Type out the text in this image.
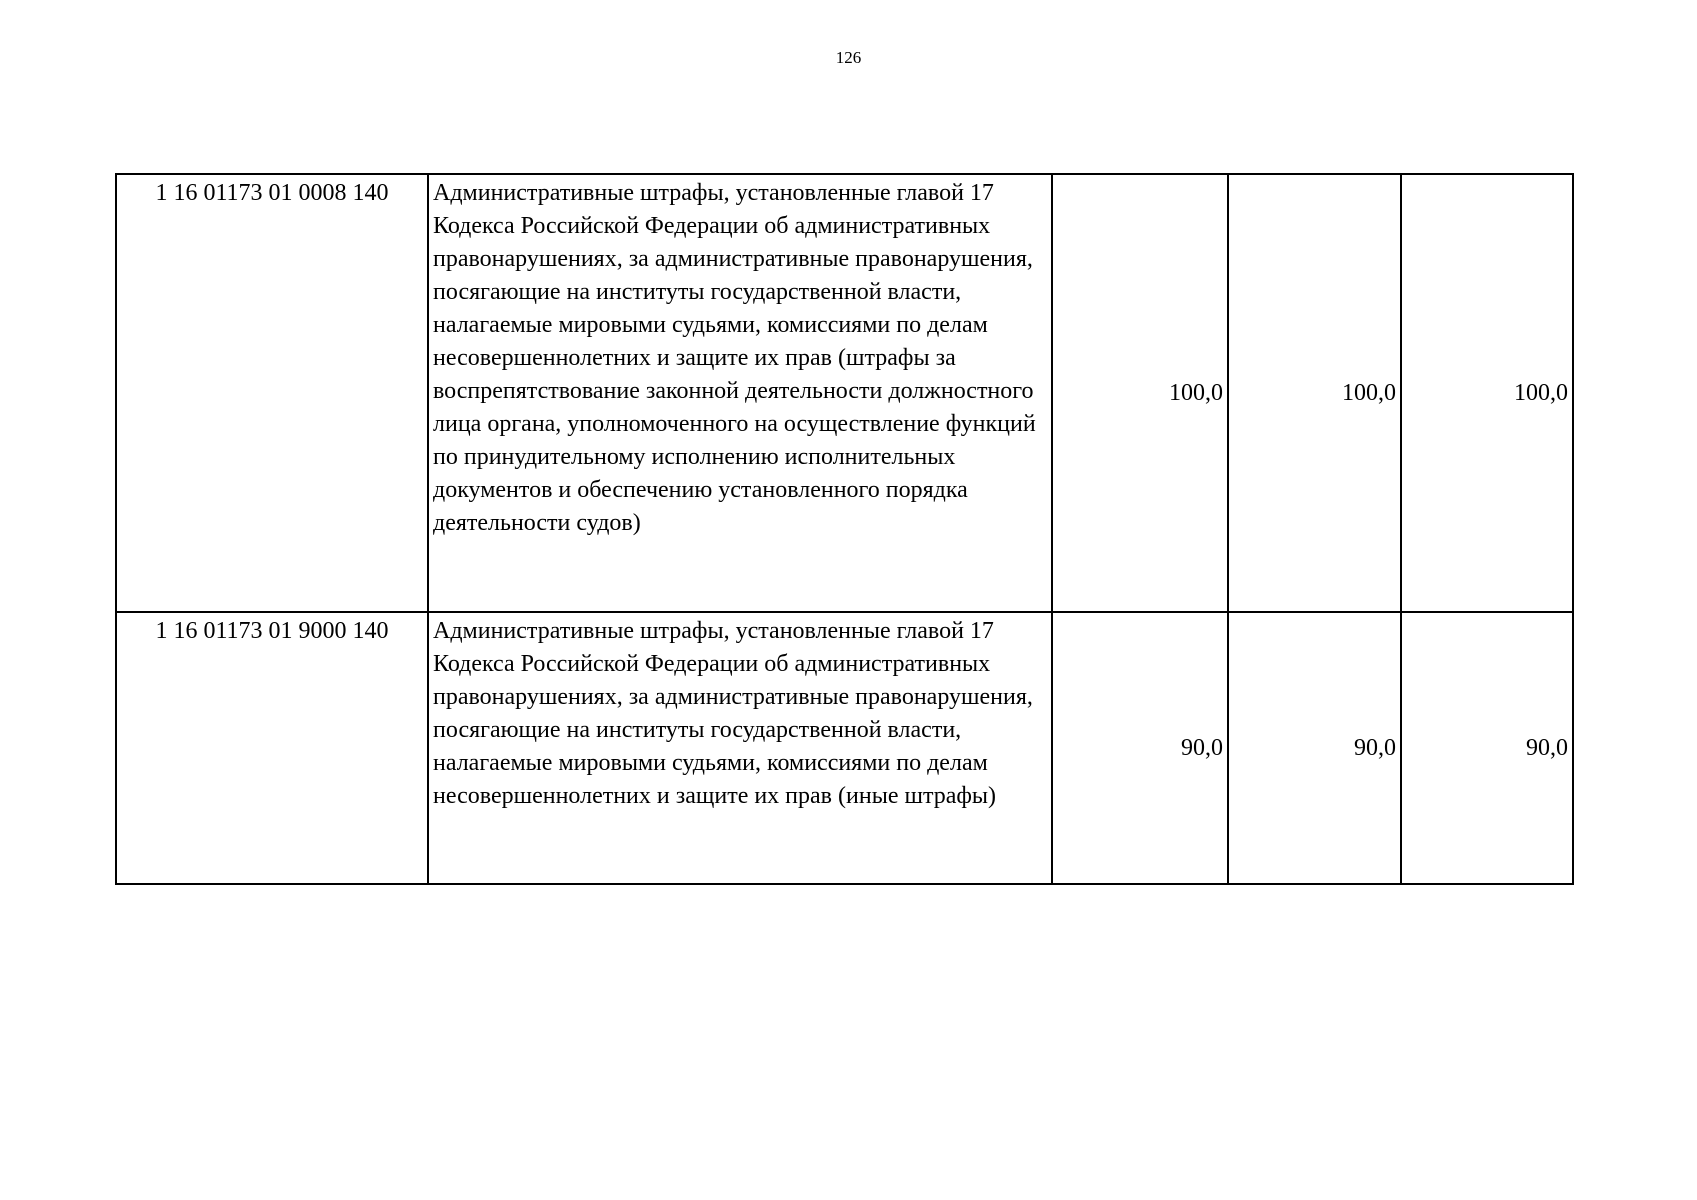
126
1 16 01173 01 0008 140	Административные штрафы, установленные главой 17 Кодекса Российской Федерации об административных правонарушениях, за административные правонарушения, посягающие на институты государственной власти, налагаемые мировыми судьями, комиссиями по делам несовершеннолетних и защите их прав (штрафы за воспрепятствование законной деятельности должностного лица органа, уполномоченного на осуществление функций по принудительному исполнению исполнительных документов и обеспечению установленного порядка деятельности судов)	100,0	100,0	100,0
1 16 01173 01 9000 140	Административные штрафы, установленные главой 17 Кодекса Российской Федерации об административных правонарушениях, за административные правонарушения, посягающие на институты государственной власти, налагаемые мировыми судьями, комиссиями по делам несовершеннолетних и защите их прав (иные штрафы)	90,0	90,0	90,0
